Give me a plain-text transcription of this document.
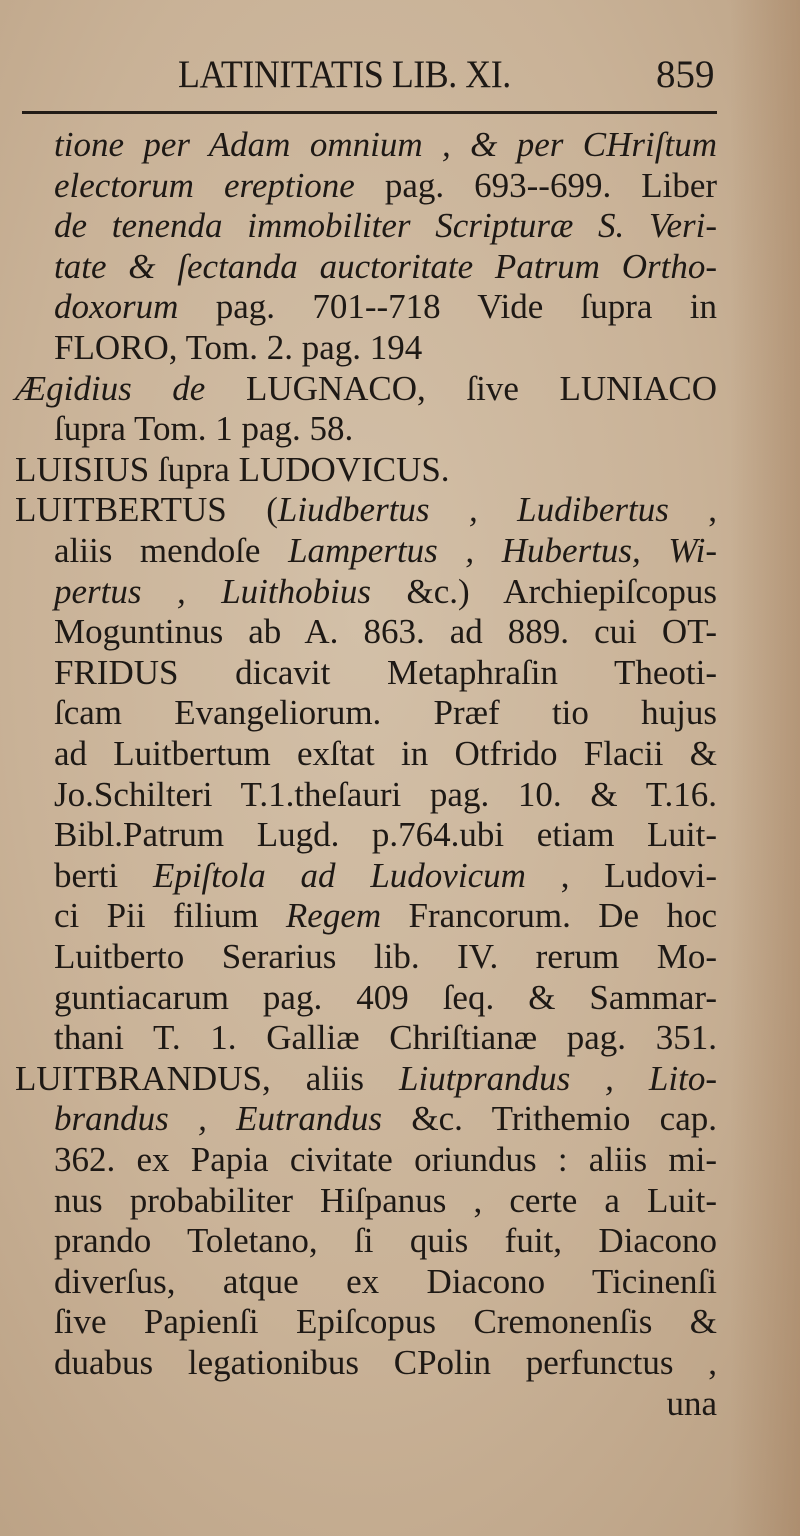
LATINITATIS LIB. XI.	859
tione per Adam omnium , & per CHriſtum
electorum ereptione pag. 693--699. Liber
de tenenda immobiliter Scripturæ S. Veri-
tate & ſectanda auctoritate Patrum Ortho-
doxorum pag. 701--718 Vide ſupra in
FLORO, Tom. 2. pag. 194
Ægidius de LUGNACO, ſive LUNIACO
ſupra Tom. 1 pag. 58.
LUISIUS ſupra LUDOVICUS.
LUITBERTUS (Liudbertus , Ludibertus ,
aliis mendoſe Lampertus , Hubertus, Wi-
pertus , Luithobius &c.) Archiepiſcopus
Moguntinus ab A. 863. ad 889. cui OT-
FRIDUS dicavit Metaphraſin Theoti-
ſcam Evangeliorum. Præf tio hujus
ad Luitbertum exſtat in Otfrido Flacii &
Jo.Schilteri T.1.theſauri pag. 10. & T.16.
Bibl.Patrum Lugd. p.764.ubi etiam Luit-
berti Epiſtola ad Ludovicum , Ludovi-
ci Pii filium Regem Francorum. De hoc
Luitberto Serarius lib. IV. rerum Mo-
guntiacarum pag. 409 ſeq. & Sammar-
thani T. 1. Galliæ Chriſtianæ pag. 351.
LUITBRANDUS, aliis Liutprandus , Lito-
brandus , Eutrandus &c. Trithemio cap.
362. ex Papia civitate oriundus : aliis mi-
nus probabiliter Hiſpanus , certe a Luit-
prando Toletano, ſi quis fuit, Diacono
diverſus, atque ex Diacono Ticinenſi
ſive Papienſi Epiſcopus Cremonenſis &
duabus legationibus CPolin perfunctus ,
una
